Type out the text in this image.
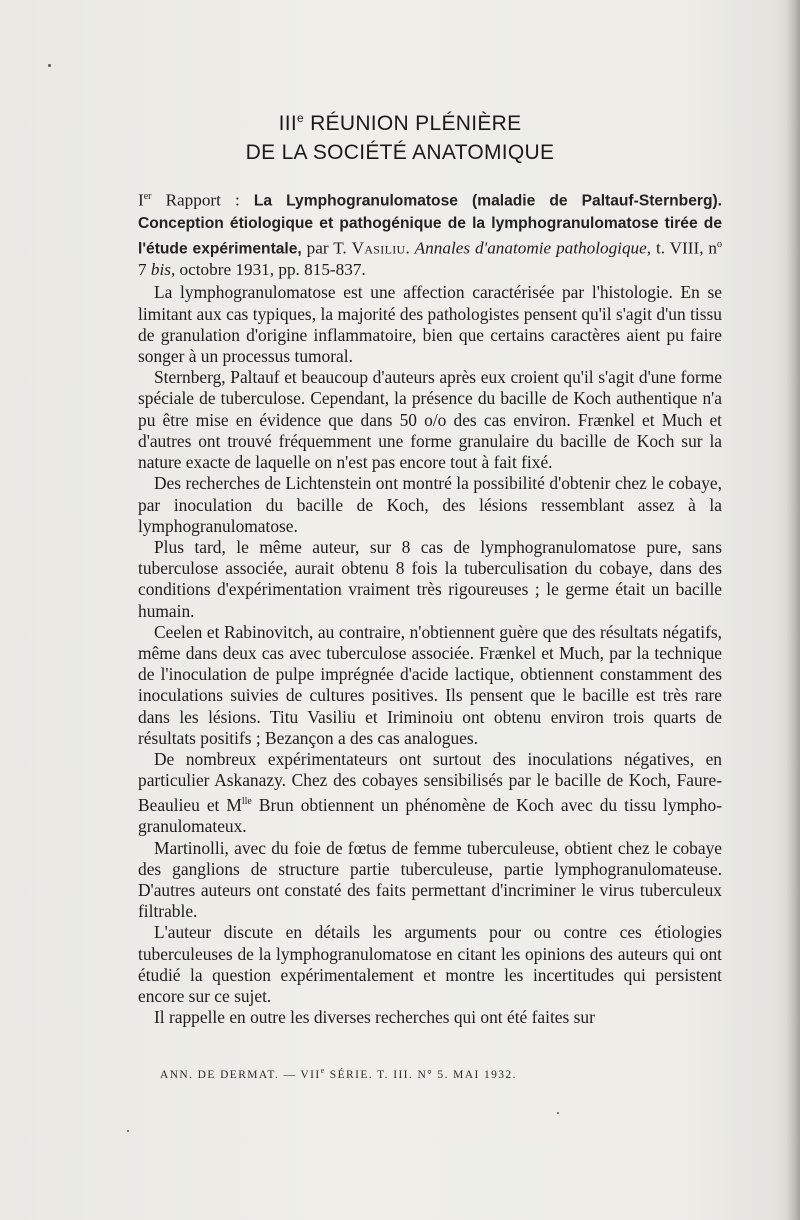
IIIe RÉUNION PLÉNIÈRE
DE LA SOCIÉTÉ ANATOMIQUE

Ier Rapport : La Lymphogranulomatose (maladie de Paltauf-Sternberg). Conception étiologique et pathogénique de la lymphogranulomatose tirée de l'étude expérimentale, par T. Vasiliu. Annales d'anatomie pathologique, t. VIII, $n^o$ 7 bis, octobre 1931, pp. 815-837.

La lymphogranulomatose est une affection caractérisée par l'histologie. En se limitant aux cas typiques, la majorité des pathologistes pensent qu'il s'agit d'un tissu de granulation d'origine inflammatoire, bien que certains caractères aient pu faire songer à un processus tumoral.

Sternberg, Paltauf et beaucoup d'auteurs après eux croient qu'il s'agit d'une forme spéciale de tuberculose. Cependant, la présence du bacille de Koch authentique n'a pu être mise en évidence que dans 50 o/o des cas environ. Frænkel et Much et d'autres ont trouvé fréquemment une forme granulaire du bacille de Koch sur la nature exacte de laquelle on n'est pas encore tout à fait fixé.

Des recherches de Lichtenstein ont montré la possibilité d'obtenir chez le cobaye, par inoculation du bacille de Koch, des lésions ressemblant assez à la lymphogranulomatose.

Plus tard, le même auteur, sur 8 cas de lymphogranulomatose pure, sans tuberculose associée, aurait obtenu 8 fois la tuberculisation du cobaye, dans des conditions d'expérimentation vraiment très rigoureuses ; le germe était un bacille humain.

Ceelen et Rabinovitch, au contraire, n'obtiennent guère que des résultats négatifs, même dans deux cas avec tuberculose associée. Frænkel et Much, par la technique de l'inoculation de pulpe imprégnée d'acide lactique, obtiennent constamment des inoculations suivies de cultures positives. Ils pensent que le bacille est très rare dans les lésions. Titu Vasiliu et Iriminoiu ont obtenu environ trois quarts de résultats positifs ; Bezançon a des cas analogues.

De nombreux expérimentateurs ont surtout des inoculations négatives, en particulier Askanazy. Chez des cobayes sensibilisés par le bacille de Koch, Faure-Beaulieu et $M^{lle}$ Brun obtiennent un phénomène de Koch avec du tissu lympho-granulomateux.

Martinolli, avec du foie de fœtus de femme tuberculeuse, obtient chez le cobaye des ganglions de structure partie tuberculeuse, partie lymphogranulomateuse. D'autres auteurs ont constaté des faits permettant d'incriminer le virus tuberculeux filtrable.

L'auteur discute en détails les arguments pour ou contre ces étiologies tuberculeuses de la lymphogranulomatose en citant les opinions des auteurs qui ont étudié la question expérimentalement et montre les incertitudes qui persistent encore sur ce sujet.

Il rappelle en outre les diverses recherches qui ont été faites sur

ANN. DE DERMAT. — VIIe SÉRIE. T. III. N° 5. MAI 1932.
